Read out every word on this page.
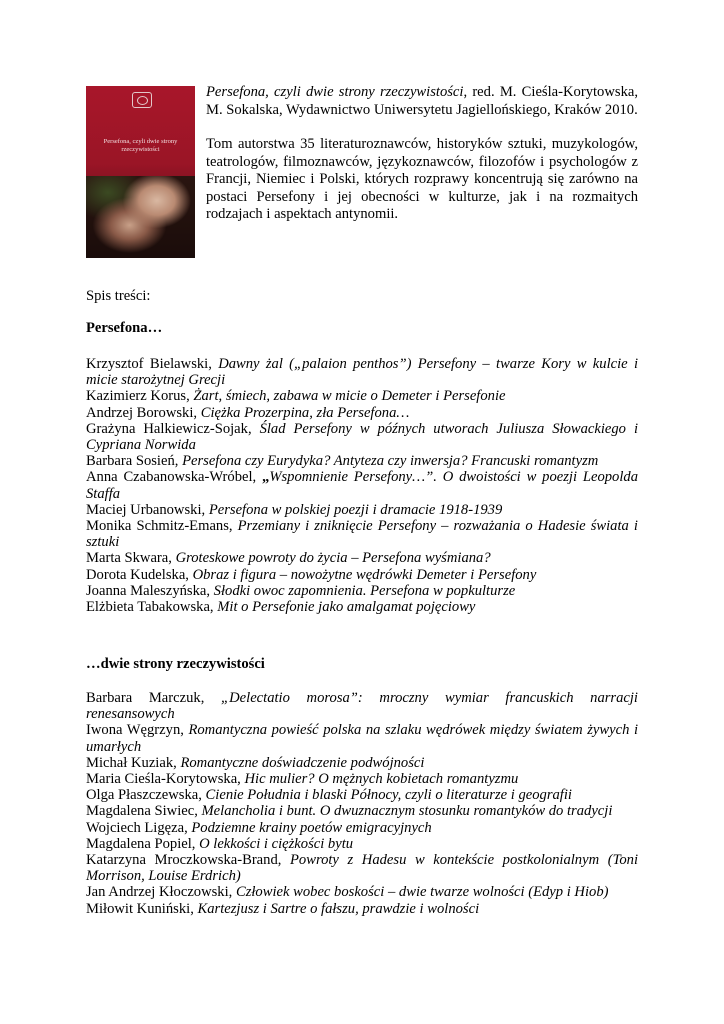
Persefona, czyli dwie strony
rzeczywistości

Persefona, czyli dwie strony rzeczywistości, red. M. Cieśla-Korytowska, M. Sokalska, Wydawnictwo Uniwersytetu Jagiellońskiego, Kraków 2010.

Tom autorstwa 35 literaturoznawców, historyków sztuki, muzykologów, teatrologów, filmoznawców, językoznawców, filozofów i psychologów z Francji, Niemiec i Polski, których rozprawy koncentrują się zarówno na postaci Persefony i jej obecności w kulturze, jak i na rozmaitych rodzajach i aspektach antynomii.

Spis treści:
Persefona…

Krzysztof Bielawski, Dawny żal („palaion penthos”) Persefony – twarze Kory w kulcie i micie starożytnej Grecji

Kazimierz Korus, Żart, śmiech, zabawa w micie o Demeter i Persefonie

Andrzej Borowski, Ciężka Prozerpina, zła Persefona…

Grażyna Halkiewicz-Sojak, Ślad Persefony w późnych utworach Juliusza Słowackiego i Cypriana Norwida

Barbara Sosień, Persefona czy Eurydyka? Antyteza czy inwersja? Francuski romantyzm

Anna Czabanowska-Wróbel, „Wspomnienie Persefony…”. O dwoistości w poezji Leopolda Staffa

Maciej Urbanowski, Persefona w polskiej poezji i dramacie 1918-1939

Monika Schmitz-Emans, Przemiany i zniknięcie Persefony – rozważania o Hadesie świata i sztuki

Marta Skwara, Groteskowe powroty do życia – Persefona wyśmiana?

Dorota Kudelska, Obraz i figura – nowożytne wędrówki Demeter i Persefony

Joanna Maleszyńska, Słodki owoc zapomnienia. Persefona w popkulturze

Elżbieta Tabakowska, Mit o Persefonie jako amalgamat pojęciowy

…dwie strony rzeczywistości

Barbara Marczuk, „Delectatio morosa”: mroczny wymiar francuskich narracji renesansowych

Iwona Węgrzyn, Romantyczna powieść polska na szlaku wędrówek między światem żywych i umarłych

Michał Kuziak, Romantyczne doświadczenie podwójności

Maria Cieśla-Korytowska, Hic mulier? O mężnych kobietach romantyzmu

Olga Płaszczewska, Cienie Południa i blaski Północy, czyli o literaturze i geografii

Magdalena Siwiec, Melancholia i bunt. O dwuznacznym stosunku romantyków do tradycji

Wojciech Ligęza, Podziemne krainy poetów emigracyjnych

Magdalena Popiel, O lekkości i ciężkości bytu

Katarzyna Mroczkowska-Brand, Powroty z Hadesu w kontekście postkolonialnym (Toni Morrison, Louise Erdrich)

Jan Andrzej Kłoczowski, Człowiek wobec boskości – dwie twarze wolności (Edyp i Hiob)

Miłowit Kuniński, Kartezjusz i Sartre o fałszu, prawdzie i wolności
